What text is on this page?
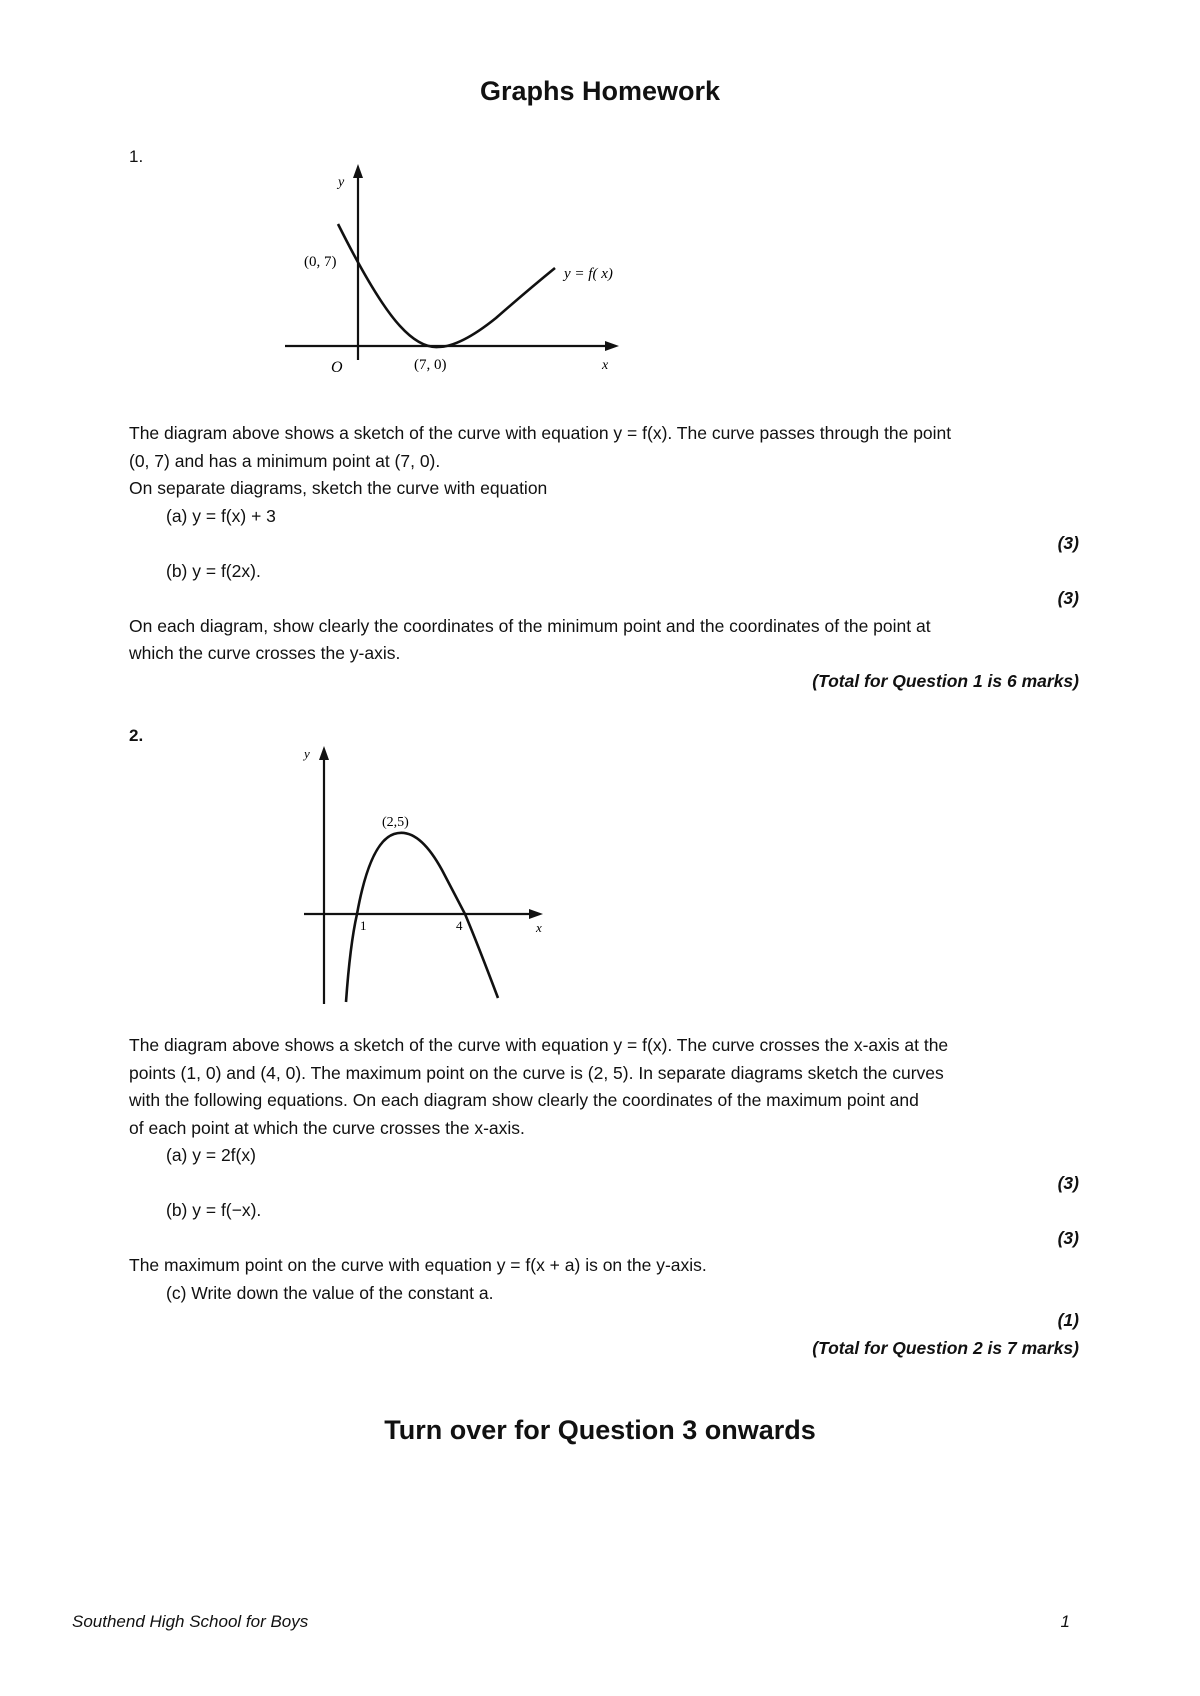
Graphs Homework
1.
y
x
O
(0, 7)
(7, 0)
y = f( x)
The diagram above shows a sketch of the curve with equation y = f(x). The curve passes through the point
(0, 7) and has a minimum point at (7, 0).
On separate diagrams, sketch the curve with equation
(a) y = f(x) + 3
(3)
(b) y = f(2x).
(3)
On each diagram, show clearly the coordinates of the minimum point and the coordinates of the point at
which the curve crosses the y-axis.
(Total for Question 1 is 6 marks)
2.
y
x
(2,5)
1	4
The diagram above shows a sketch of the curve with equation y = f(x). The curve crosses the x-axis at the
points (1, 0) and (4, 0). The maximum point on the curve is (2, 5). In separate diagrams sketch the curves
with the following equations. On each diagram show clearly the coordinates of the maximum point and
of each point at which the curve crosses the x-axis.
(a) y = 2f(x)
(3)
(b) y = f(−x).
(3)
The maximum point on the curve with equation y = f(x + a) is on the y-axis.
(c) Write down the value of the constant a.
(1)
(Total for Question 2 is 7 marks)
Turn over for Question 3 onwards
Southend High School for Boys	1
